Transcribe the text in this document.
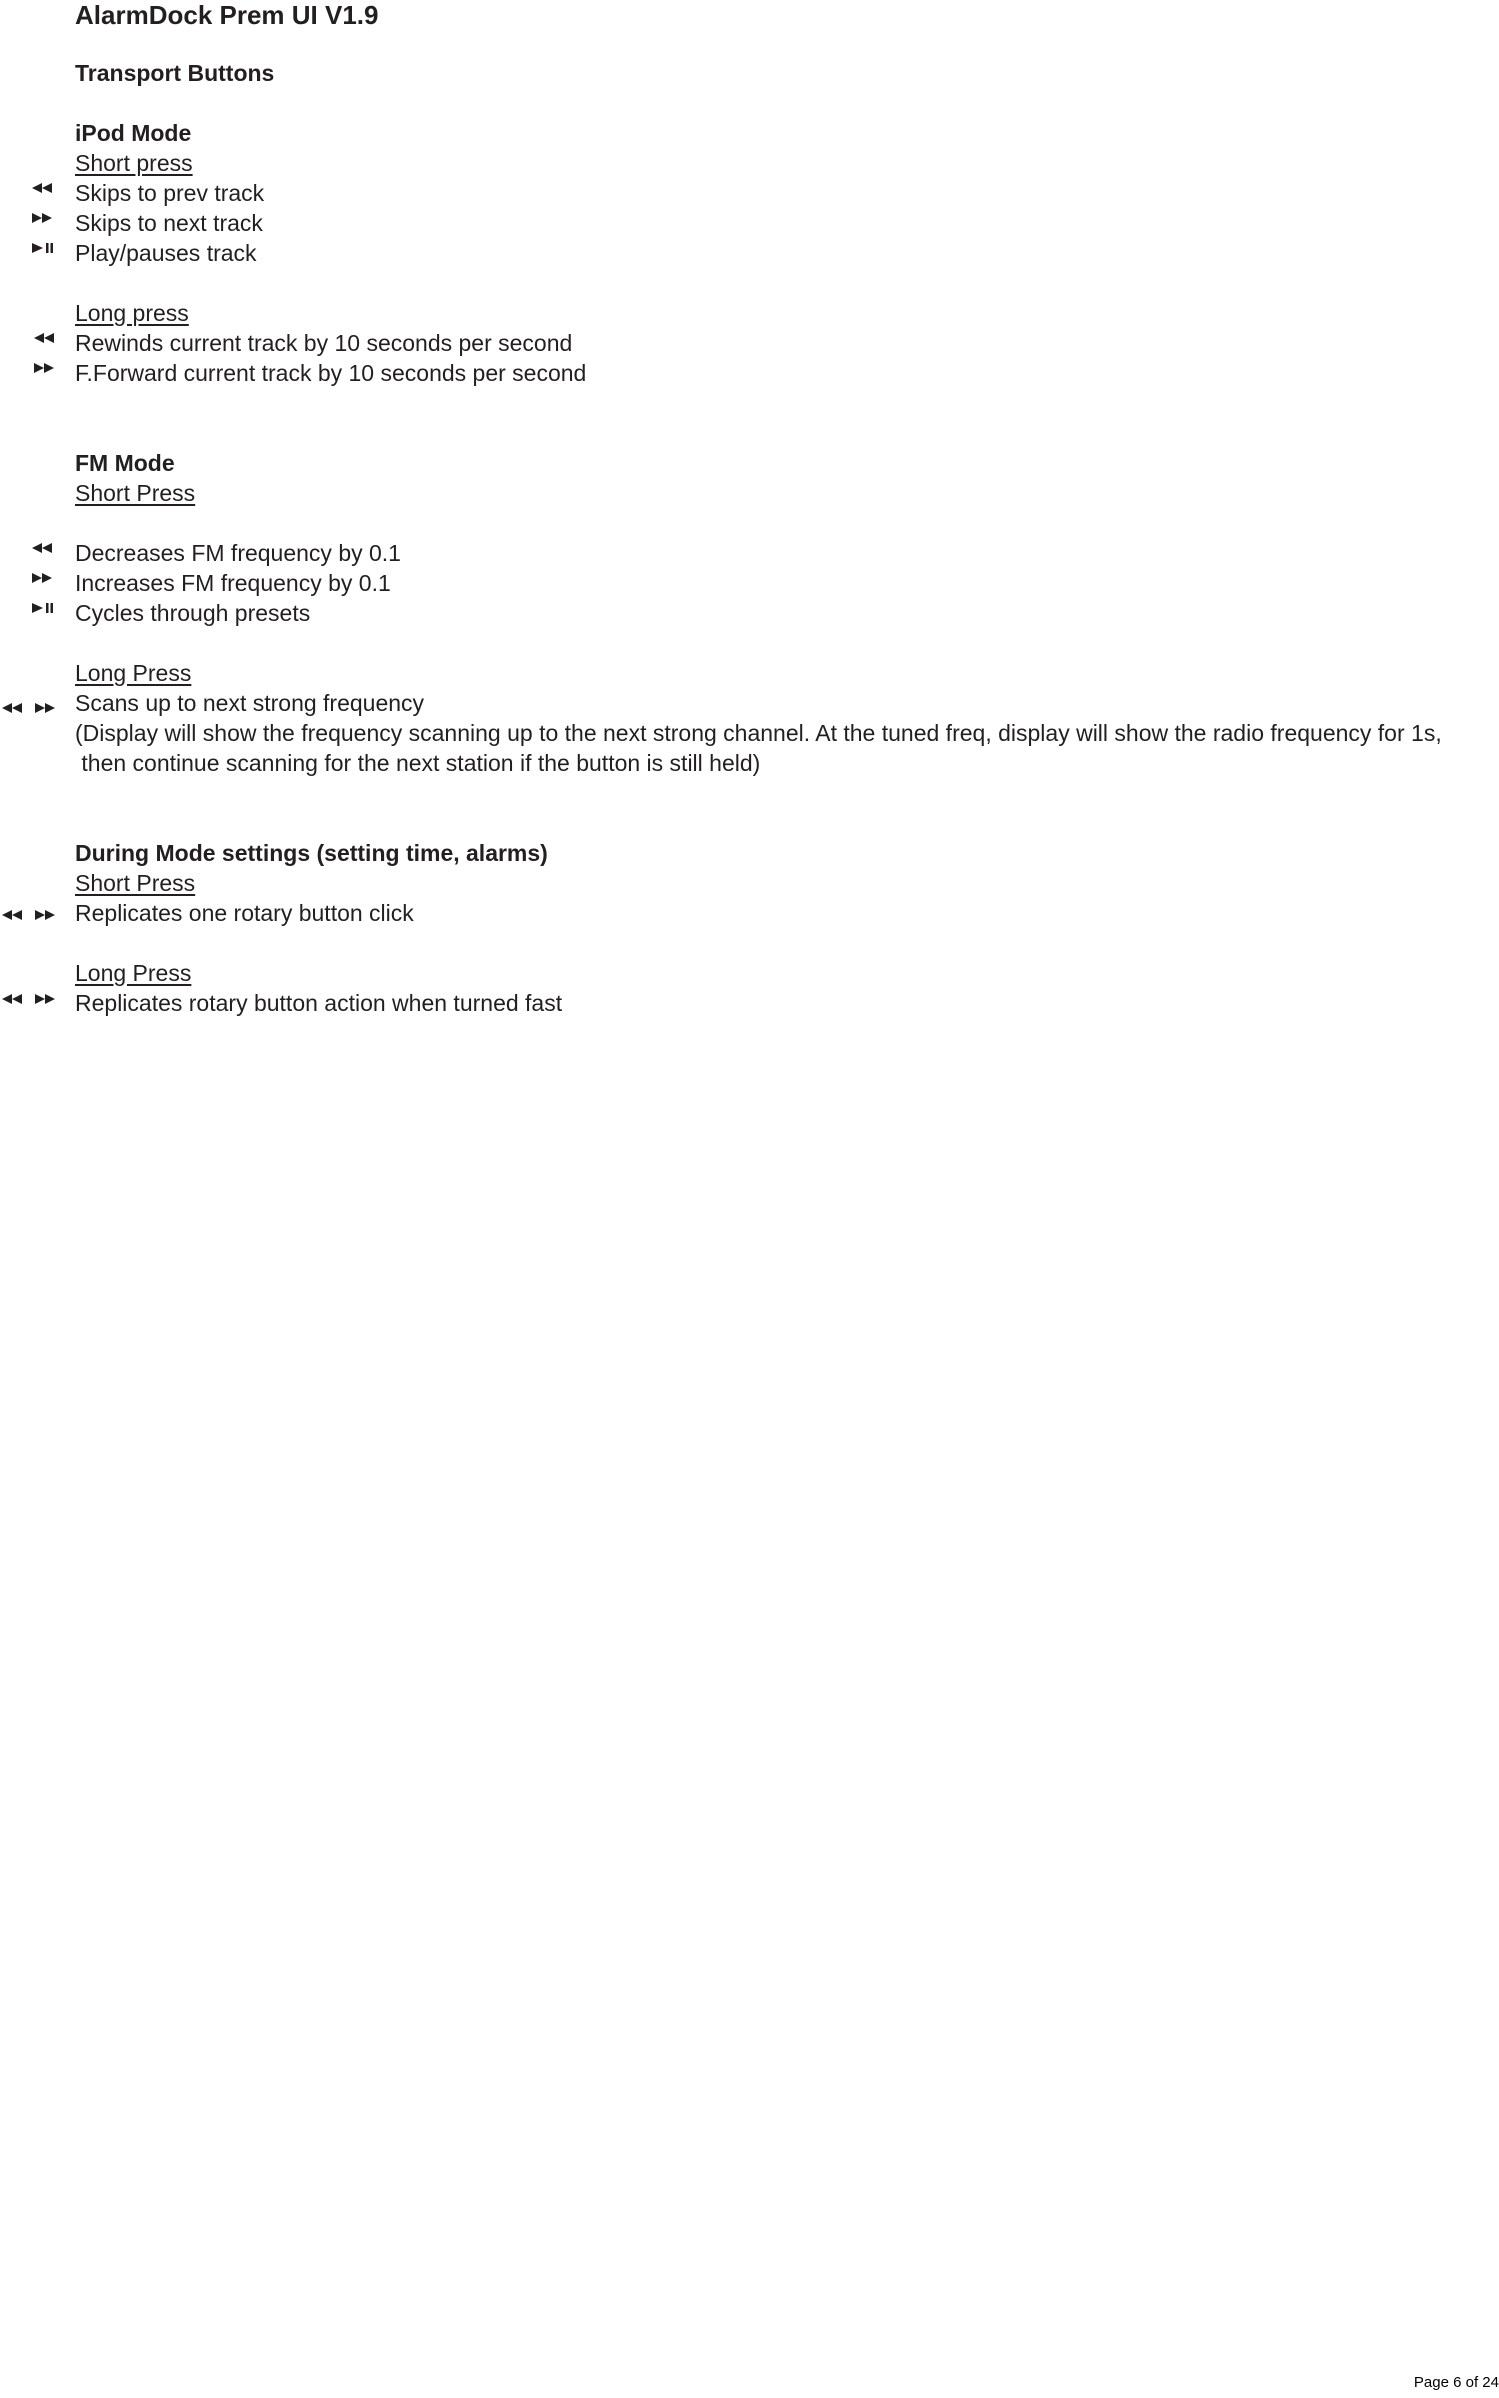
AlarmDock Prem UI V1.9
Transport Buttons
iPod Mode
Short press
Skips to prev track
Skips to next track
Play/pauses track
Long press
Rewinds current track by 10 seconds per second
F.Forward current track by 10 seconds per second
FM Mode
Short Press
Decreases FM frequency by 0.1
Increases FM frequency by 0.1
Cycles through presets
Long Press
Scans up to next strong frequency
(Display will show the frequency scanning up to the next strong channel. At the tuned freq, display will show the radio frequency for 1s,
then continue scanning for the next station if the button is still held)
During Mode settings (setting time, alarms)
Short Press
Replicates one rotary button click
Long Press
Replicates rotary button action when turned fast
Page 6 of 24
